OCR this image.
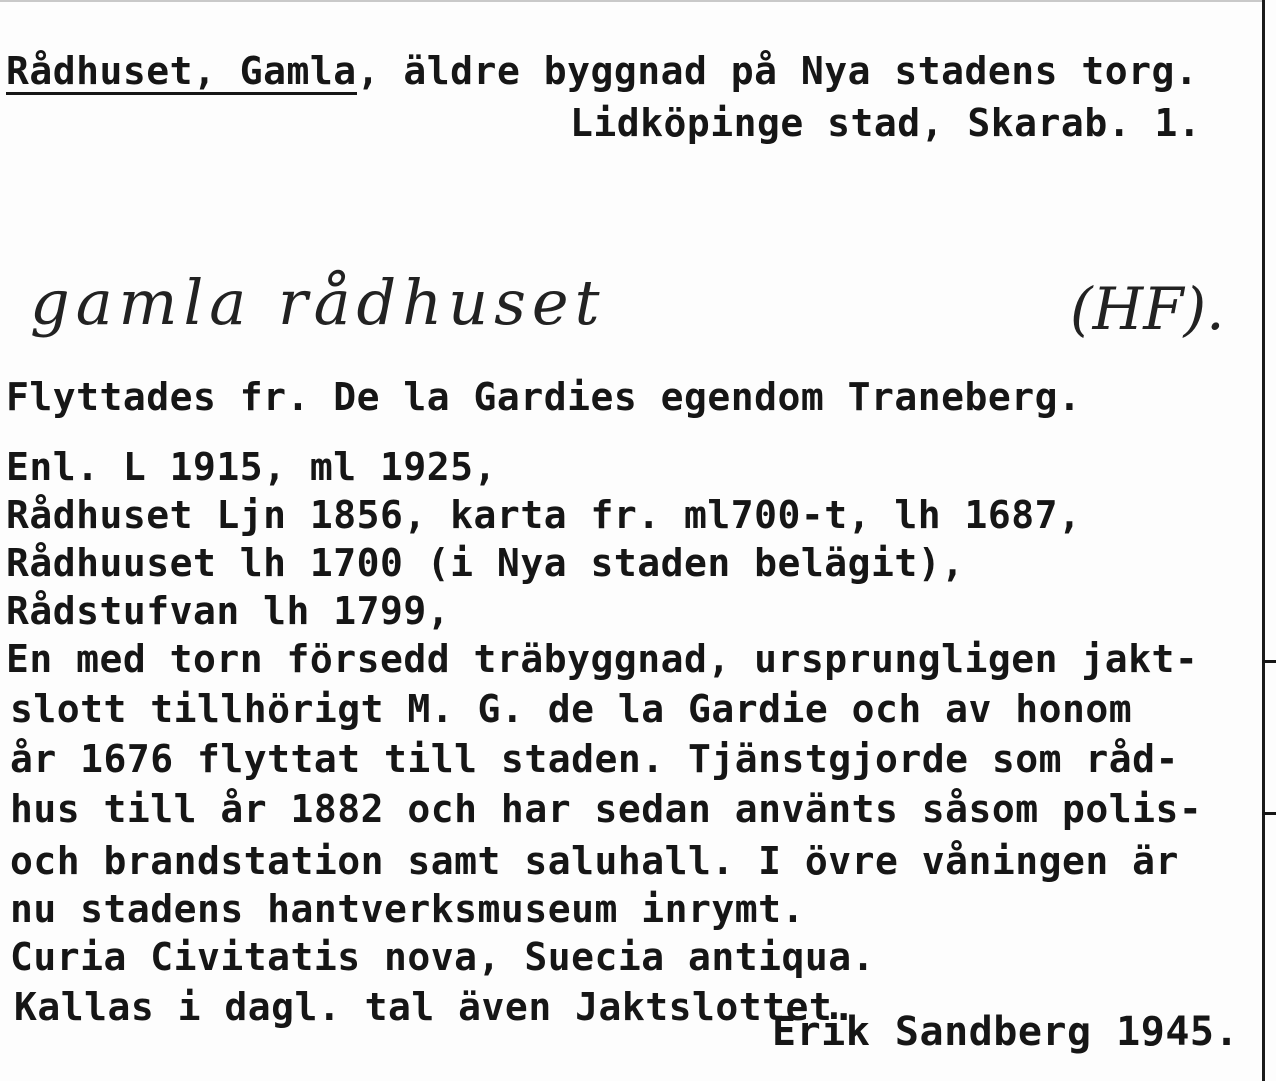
Rådhuset, Gamla , äldre byggnad på Nya stadens torg.
Lidköpinge stad, Skarab. 1.
gamla rådhuset	(HF).
Flyttades fr. De la Gardies egendom Traneberg.
Enl. L 1915, ml 1925,
Rådhuset Ljn 1856, karta fr. ml700-t, lh 1687,
Rådhuuset lh 1700 (i Nya staden belägit),
Rådstufvan lh 1799,
En med torn försedd träbyggnad, ursprungligen jakt-
slott tillhörigt M. G. de la Gardie och av honom
år 1676 flyttat till staden. Tjänstgjorde som råd-
hus till år 1882 och har sedan använts såsom polis-
och brandstation samt saluhall. I övre våningen är
nu stadens hantverksmuseum inrymt.
Curia Civitatis nova, Suecia antiqua.
Kallas i dagl. tal även Jaktslottet.
Erik Sandberg 1945.
